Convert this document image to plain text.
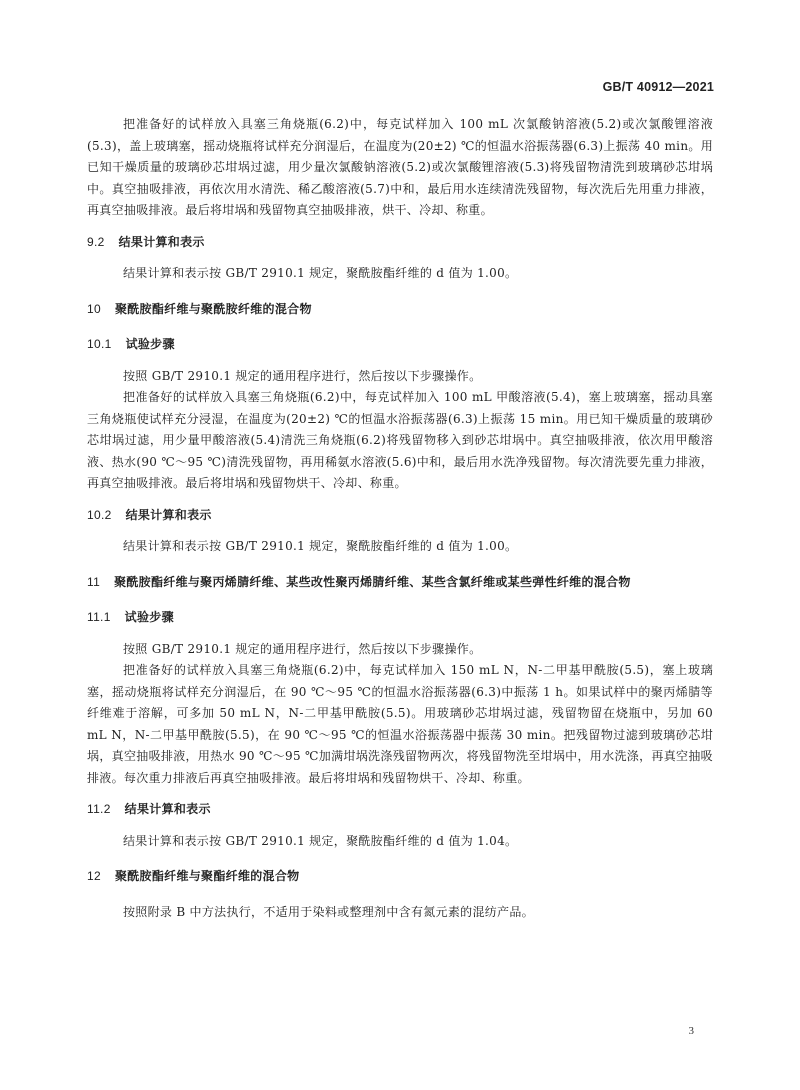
GB/T 40912—2021

把准备好的试样放入具塞三角烧瓶(6.2)中，每克试样加入 100 mL 次氯酸钠溶液(5.2)或次氯酸锂溶液(5.3)，盖上玻璃塞，摇动烧瓶将试样充分润湿后，在温度为(20±2) ℃的恒温水浴振荡器(6.3)上振荡 40 min。用已知干燥质量的玻璃砂芯坩埚过滤，用少量次氯酸钠溶液(5.2)或次氯酸锂溶液(5.3)将残留物清洗到玻璃砂芯坩埚中。真空抽吸排液，再依次用水清洗、稀乙酸溶液(5.7)中和，最后用水连续清洗残留物，每次洗后先用重力排液，再真空抽吸排液。最后将坩埚和残留物真空抽吸排液，烘干、冷却、称重。

9.2 结果计算和表示

结果计算和表示按 GB/T 2910.1 规定，聚酰胺酯纤维的 d 值为 1.00。

10 聚酰胺酯纤维与聚酰胺纤维的混合物

10.1 试验步骤

按照 GB/T 2910.1 规定的通用程序进行，然后按以下步骤操作。

把准备好的试样放入具塞三角烧瓶(6.2)中，每克试样加入 100 mL 甲酸溶液(5.4)，塞上玻璃塞，摇动具塞三角烧瓶使试样充分浸湿，在温度为(20±2) ℃的恒温水浴振荡器(6.3)上振荡 15 min。用已知干燥质量的玻璃砂芯坩埚过滤，用少量甲酸溶液(5.4)清洗三角烧瓶(6.2)将残留物移入到砂芯坩埚中。真空抽吸排液，依次用甲酸溶液、热水(90 ℃～95 ℃)清洗残留物，再用稀氨水溶液(5.6)中和，最后用水洗净残留物。每次清洗要先重力排液，再真空抽吸排液。最后将坩埚和残留物烘干、冷却、称重。

10.2 结果计算和表示

结果计算和表示按 GB/T 2910.1 规定，聚酰胺酯纤维的 d 值为 1.00。

11 聚酰胺酯纤维与聚丙烯腈纤维、某些改性聚丙烯腈纤维、某些含氯纤维或某些弹性纤维的混合物

11.1 试验步骤

按照 GB/T 2910.1 规定的通用程序进行，然后按以下步骤操作。

把准备好的试样放入具塞三角烧瓶(6.2)中，每克试样加入 150 mL N，N-二甲基甲酰胺(5.5)，塞上玻璃塞，摇动烧瓶将试样充分润湿后，在 90 ℃～95 ℃的恒温水浴振荡器(6.3)中振荡 1 h。如果试样中的聚丙烯腈等纤维难于溶解，可多加 50 mL N，N-二甲基甲酰胺(5.5)。用玻璃砂芯坩埚过滤，残留物留在烧瓶中，另加 60 mL N，N-二甲基甲酰胺(5.5)，在 90 ℃～95 ℃的恒温水浴振荡器中振荡 30 min。把残留物过滤到玻璃砂芯坩埚，真空抽吸排液，用热水 90 ℃～95 ℃加满坩埚洗涤残留物两次，将残留物洗至坩埚中，用水洗涤，再真空抽吸排液。每次重力排液后再真空抽吸排液。最后将坩埚和残留物烘干、冷却、称重。

11.2 结果计算和表示

结果计算和表示按 GB/T 2910.1 规定，聚酰胺酯纤维的 d 值为 1.04。

12 聚酰胺酯纤维与聚酯纤维的混合物

按照附录 B 中方法执行，不适用于染料或整理剂中含有氮元素的混纺产品。

3
